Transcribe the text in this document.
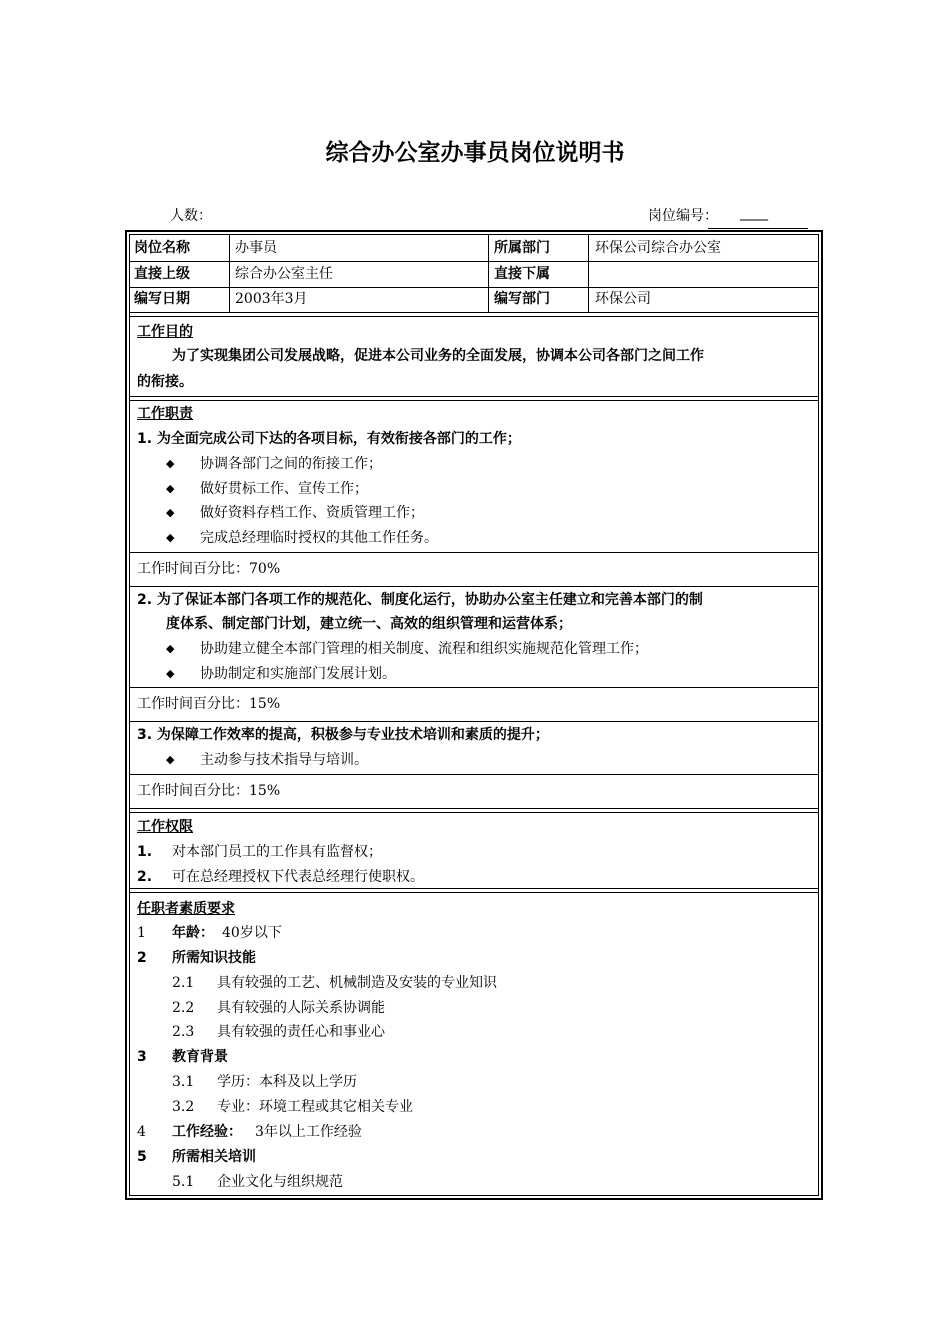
综合办公室办事员岗位说明书
人数：	岗位编号： ____
岗位名称	办事员	所属部门	环保公司综合办公室
直接上级	综合办公室主任	直接下属
编写日期	2003年3月	编写部门	环保公司
工作目的
为了实现集团公司发展战略，促进本公司业务的全面发展，协调本公司各部门之间工作
的衔接。
工作职责
1. 为全面完成公司下达的各项目标，有效衔接各部门的工作；
◆ 协调各部门之间的衔接工作；
◆ 做好贯标工作、宣传工作；
◆ 做好资料存档工作、资质管理工作；
◆ 完成总经理临时授权的其他工作任务。
工作时间百分比：70%
2. 为了保证本部门各项工作的规范化、制度化运行，协助办公室主任建立和完善本部门的制
度体系、制定部门计划，建立统一、高效的组织管理和运营体系；
◆ 协助建立健全本部门管理的相关制度、流程和组织实施规范化管理工作；
◆ 协助制定和实施部门发展计划。
工作时间百分比：15%
3. 为保障工作效率的提高，积极参与专业技术培训和素质的提升；
◆ 主动参与技术指导与培训。
工作时间百分比：15%
工作权限
1. 对本部门员工的工作具有监督权；
2. 可在总经理授权下代表总经理行使职权。
任职者素质要求
1 年龄： 40岁以下
2 所需知识技能
2.1 具有较强的工艺、机械制造及安装的专业知识
2.2 具有较强的人际关系协调能
2.3 具有较强的责任心和事业心
3 教育背景
3.1 学历：本科及以上学历
3.2 专业：环境工程或其它相关专业
4 工作经验： 3年以上工作经验
5 所需相关培训
5.1 企业文化与组织规范
